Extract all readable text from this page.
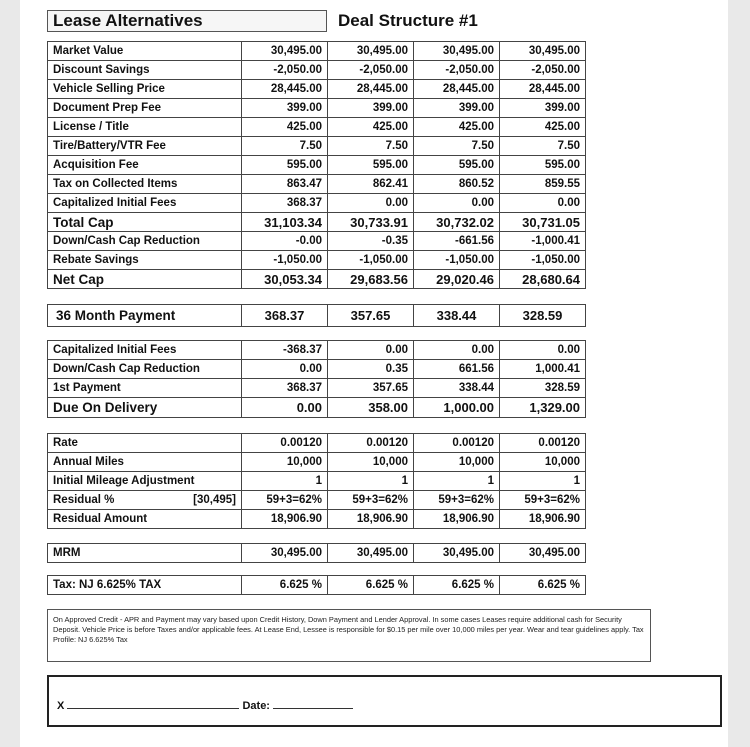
Lease Alternatives	Deal Structure #1
Market Value	30,495.00	30,495.00	30,495.00	30,495.00
Discount Savings	-2,050.00	-2,050.00	-2,050.00	-2,050.00
Vehicle Selling Price	28,445.00	28,445.00	28,445.00	28,445.00
Document Prep Fee	399.00	399.00	399.00	399.00
License / Title	425.00	425.00	425.00	425.00
Tire/Battery/VTR Fee	7.50	7.50	7.50	7.50
Acquisition Fee	595.00	595.00	595.00	595.00
Tax on Collected Items	863.47	862.41	860.52	859.55
Capitalized Initial Fees	368.37	0.00	0.00	0.00
Total Cap	31,103.34	30,733.91	30,732.02	30,731.05
Down/Cash Cap Reduction	-0.00	-0.35	-661.56	-1,000.41
Rebate Savings	-1,050.00	-1,050.00	-1,050.00	-1,050.00
Net Cap	30,053.34	29,683.56	29,020.46	28,680.64
36 Month Payment	368.37	357.65	338.44	328.59
Capitalized Initial Fees	-368.37	0.00	0.00	0.00
Down/Cash Cap Reduction	0.00	0.35	661.56	1,000.41
1st Payment	368.37	357.65	338.44	328.59
Due On Delivery	0.00	358.00	1,000.00	1,329.00
Rate	0.00120	0.00120	0.00120	0.00120
Annual Miles	10,000	10,000	10,000	10,000
Initial Mileage Adjustment	1	1	1	1
Residual % [30,495]	59+3=62%	59+3=62%	59+3=62%	59+3=62%
Residual Amount	18,906.90	18,906.90	18,906.90	18,906.90
MRM	30,495.00	30,495.00	30,495.00	30,495.00
Tax: NJ 6.625% TAX	6.625 %	6.625 %	6.625 %	6.625 %
On Approved Credit - APR and Payment may vary based upon Credit History, Down Payment and Lender Approval. In some cases Leases require additional cash for Security Deposit. Vehicle Price is before Taxes and/or applicable fees. At Lease End, Lessee is responsible for $0.15 per mile over 10,000 miles per year. Wear and tear guidelines apply. Tax Profile: NJ 6.625% Tax
X	Date:
